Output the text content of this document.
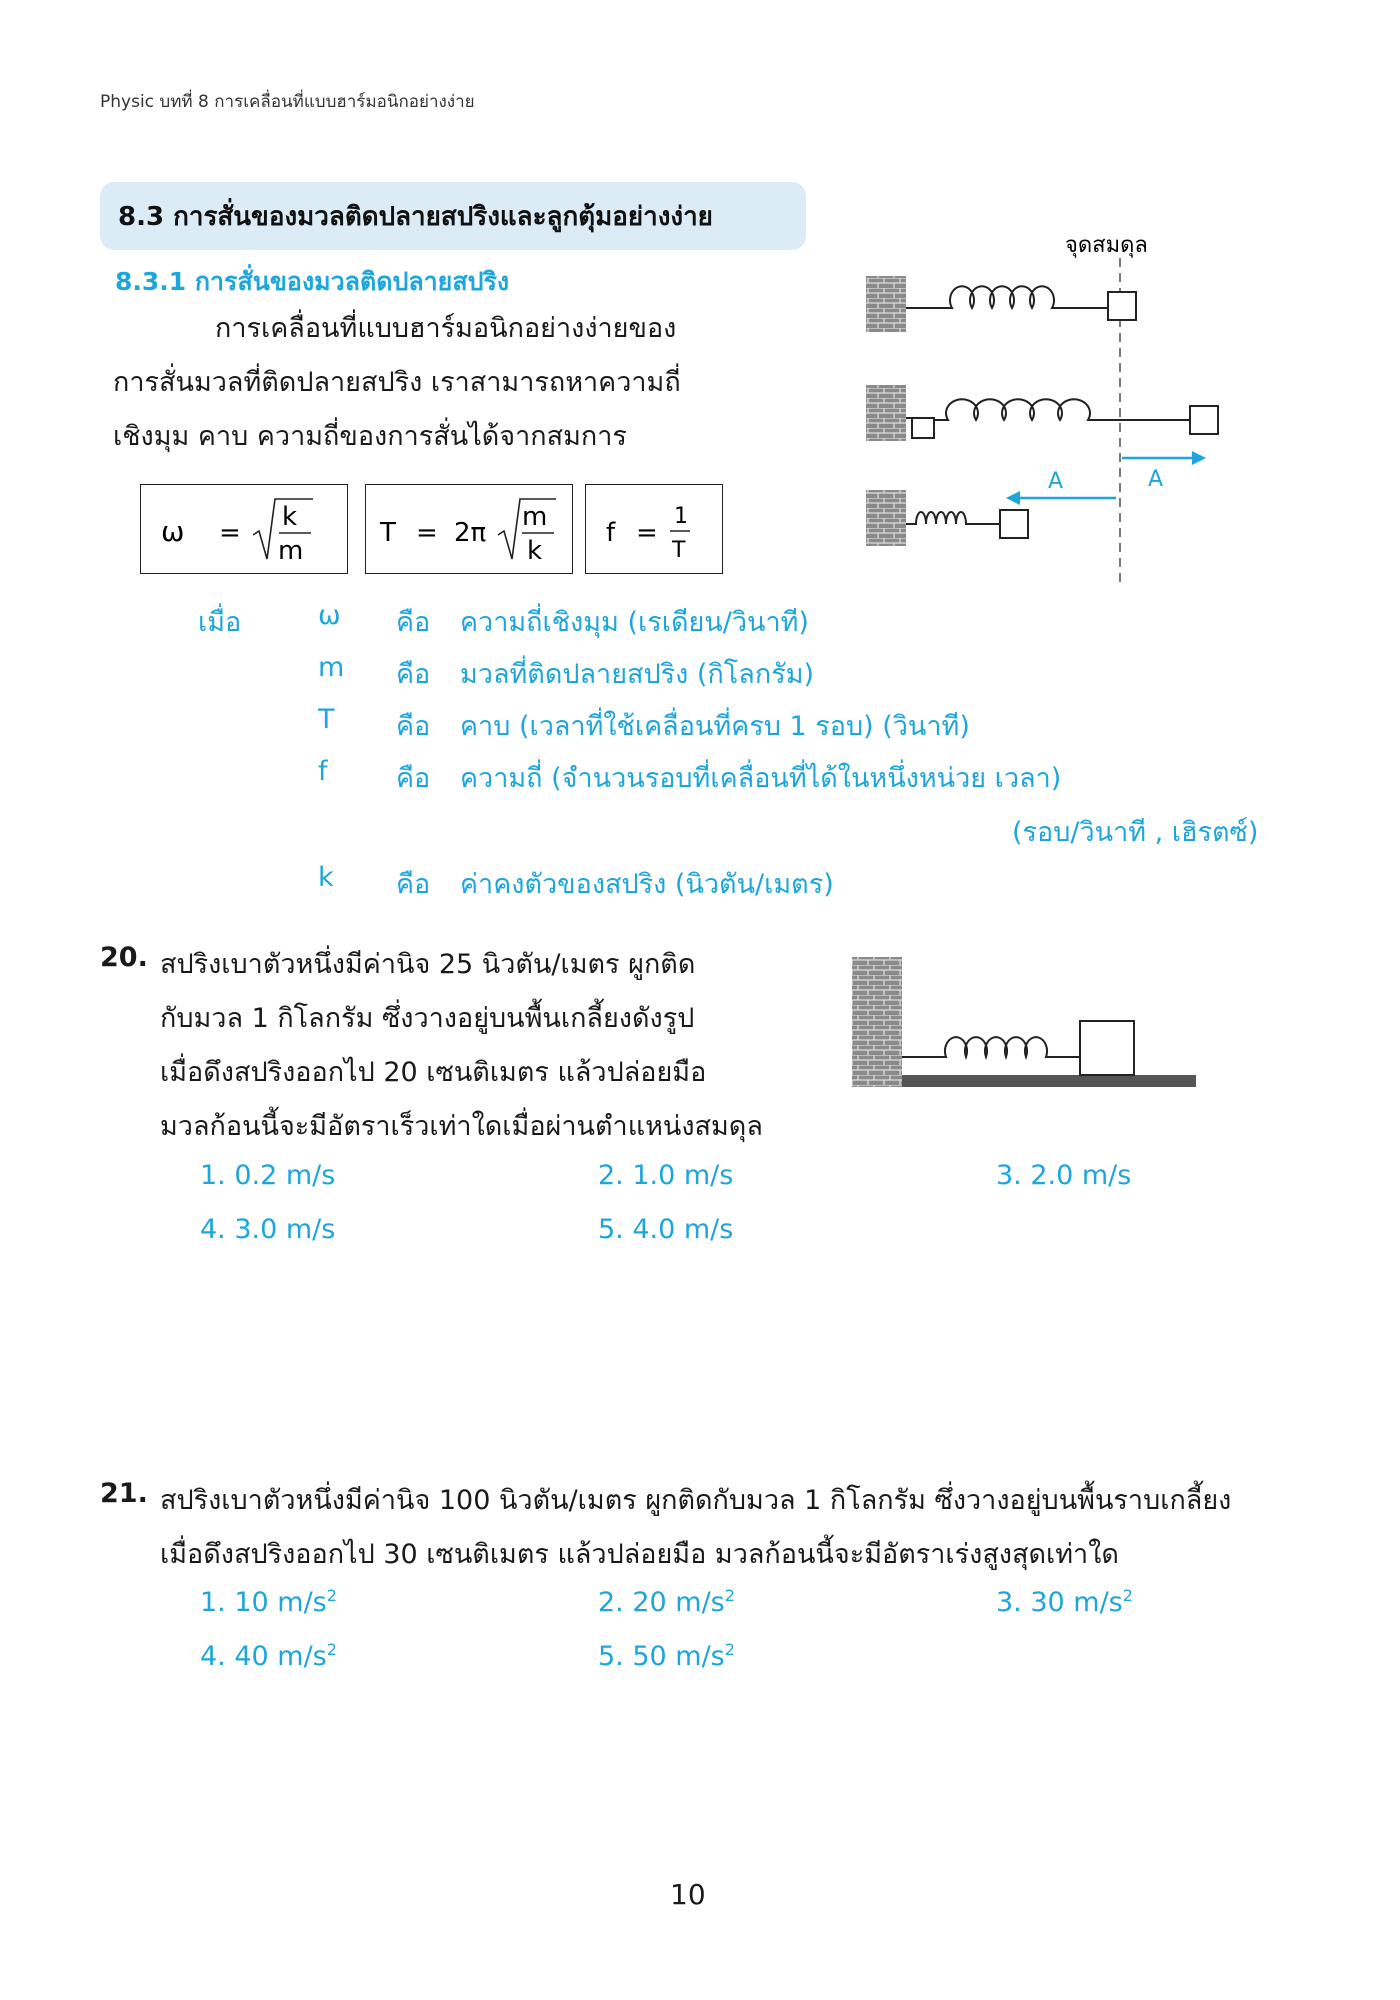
Physic บทที่ 8 การเคลื่อนที่แบบฮาร์มอนิกอย่างง่าย
8.3 การสั่นของมวลติดปลายสปริงและลูกตุ้มอย่างง่าย
8.3.1 การสั่นของมวลติดปลายสปริง
การเคลื่อนที่แบบฮาร์มอนิกอย่างง่ายของ
การสั่นมวลที่ติดปลายสปริง เราสามารถหาความถี่
เชิงมุม คาบ ความถี่ของการสั่นได้จากสมการ
ω =
k
m
T = 2π
m
k
f =
1
T
จุดสมดุล
A
A
เมื่อ	ω คือ ความถี่เชิงมุม (เรเดียน/วินาที)
m คือ มวลที่ติดปลายสปริง (กิโลกรัม)
T คือ คาบ (เวลาที่ใช้เคลื่อนที่ครบ 1 รอบ) (วินาที)
f	คือ ความถี่ (จำนวนรอบที่เคลื่อนที่ได้ในหนึ่งหน่วย เวลา)
(รอบ/วินาที , เฮิรตซ์)
k คือ ค่าคงตัวของสปริง (นิวตัน/เมตร)
20. สปริงเบาตัวหนึ่งมีค่านิจ 25 นิวตัน/เมตร ผูกติด
กับมวล 1 กิโลกรัม ซึ่งวางอยู่บนพื้นเกลี้ยงดังรูป
เมื่อดึงสปริงออกไป 20 เซนติเมตร แล้วปล่อยมือ
มวลก้อนนี้จะมีอัตราเร็วเท่าใดเมื่อผ่านตำแหน่งสมดุล
1. 0.2 m/s	2. 1.0 m/s	3. 2.0 m/s
4. 3.0 m/s	5. 4.0 m/s
21. สปริงเบาตัวหนึ่งมีค่านิจ 100 นิวตัน/เมตร ผูกติดกับมวล 1 กิโลกรัม ซึ่งวางอยู่บนพื้นราบเกลี้ยง
เมื่อดึงสปริงออกไป 30 เซนติเมตร แล้วปล่อยมือ มวลก้อนนี้จะมีอัตราเร่งสูงสุดเท่าใด
1. 10 $m/s^2$	2. 20 $m/s^2$	3. 30 $m/s^2$
4. 40 $m/s^2$	5. 50 $m/s^2$
10
